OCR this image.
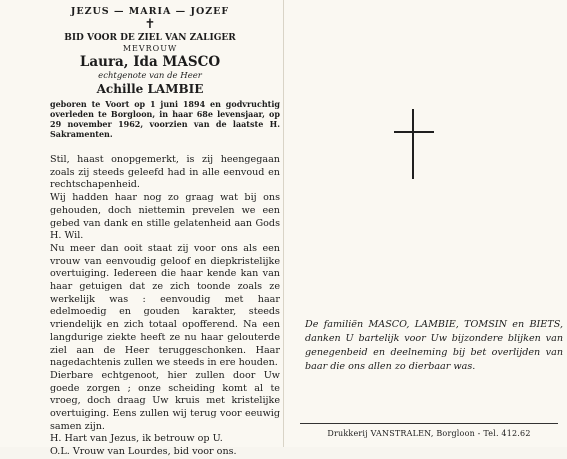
JEZUS — MARIA — JOZEF
✝
BID VOOR DE ZIEL VAN ZALIGER
MEVROUW
Laura, Ida MASCO
echtgenote van de Heer
Achille LAMBIE
geboren te Voort op 1 juni 1894 en godvruchtig overleden te Borgloon, in haar 68e levensjaar, op 29 november 1962, voorzien van de laatste H. Sakramenten.

Stil, haast onopgemerkt, is zij heengegaan zoals zij steeds geleefd had in alle eenvoud en rechtschapenheid.

Wij hadden haar nog zo graag wat bij ons gehouden, doch niettemin prevelen we een gebed van dank en stille gelatenheid aan Gods H. Wil.

Nu meer dan ooit staat zij voor ons als een vrouw van eenvoudig geloof en diepkristelijke overtuiging. Iedereen die haar kende kan van haar getuigen dat ze zich toonde zoals ze werkelijk was : eenvoudig met haar edelmoedig en gouden karakter, steeds vriendelijk en zich totaal opofferend. Na een langdurige ziekte heeft ze nu haar gelouterde ziel aan de Heer teruggeschonken. Haar nagedachtenis zullen we steeds in ere houden.

Dierbare echtgenoot, hier zullen door Uw goede zorgen ; onze scheiding komt al te vroeg, doch draag Uw kruis met kristelijke overtuiging. Eens zullen wij terug voor eeuwig samen zijn.

H. Hart van Jezus, ik betrouw op U.

O.L. Vrouw van Lourdes, bid voor ons.

De familiën MASCO, LAMBIE, TOMSIN en BIETS, danken U bartelijk voor Uw bijzondere blijken van genegenbeid en deelneming bij bet overlijden van baar die ons allen zo dierbaar was.
Drukkerij VANSTRALEN, Borgloon - Tel. 412.62
